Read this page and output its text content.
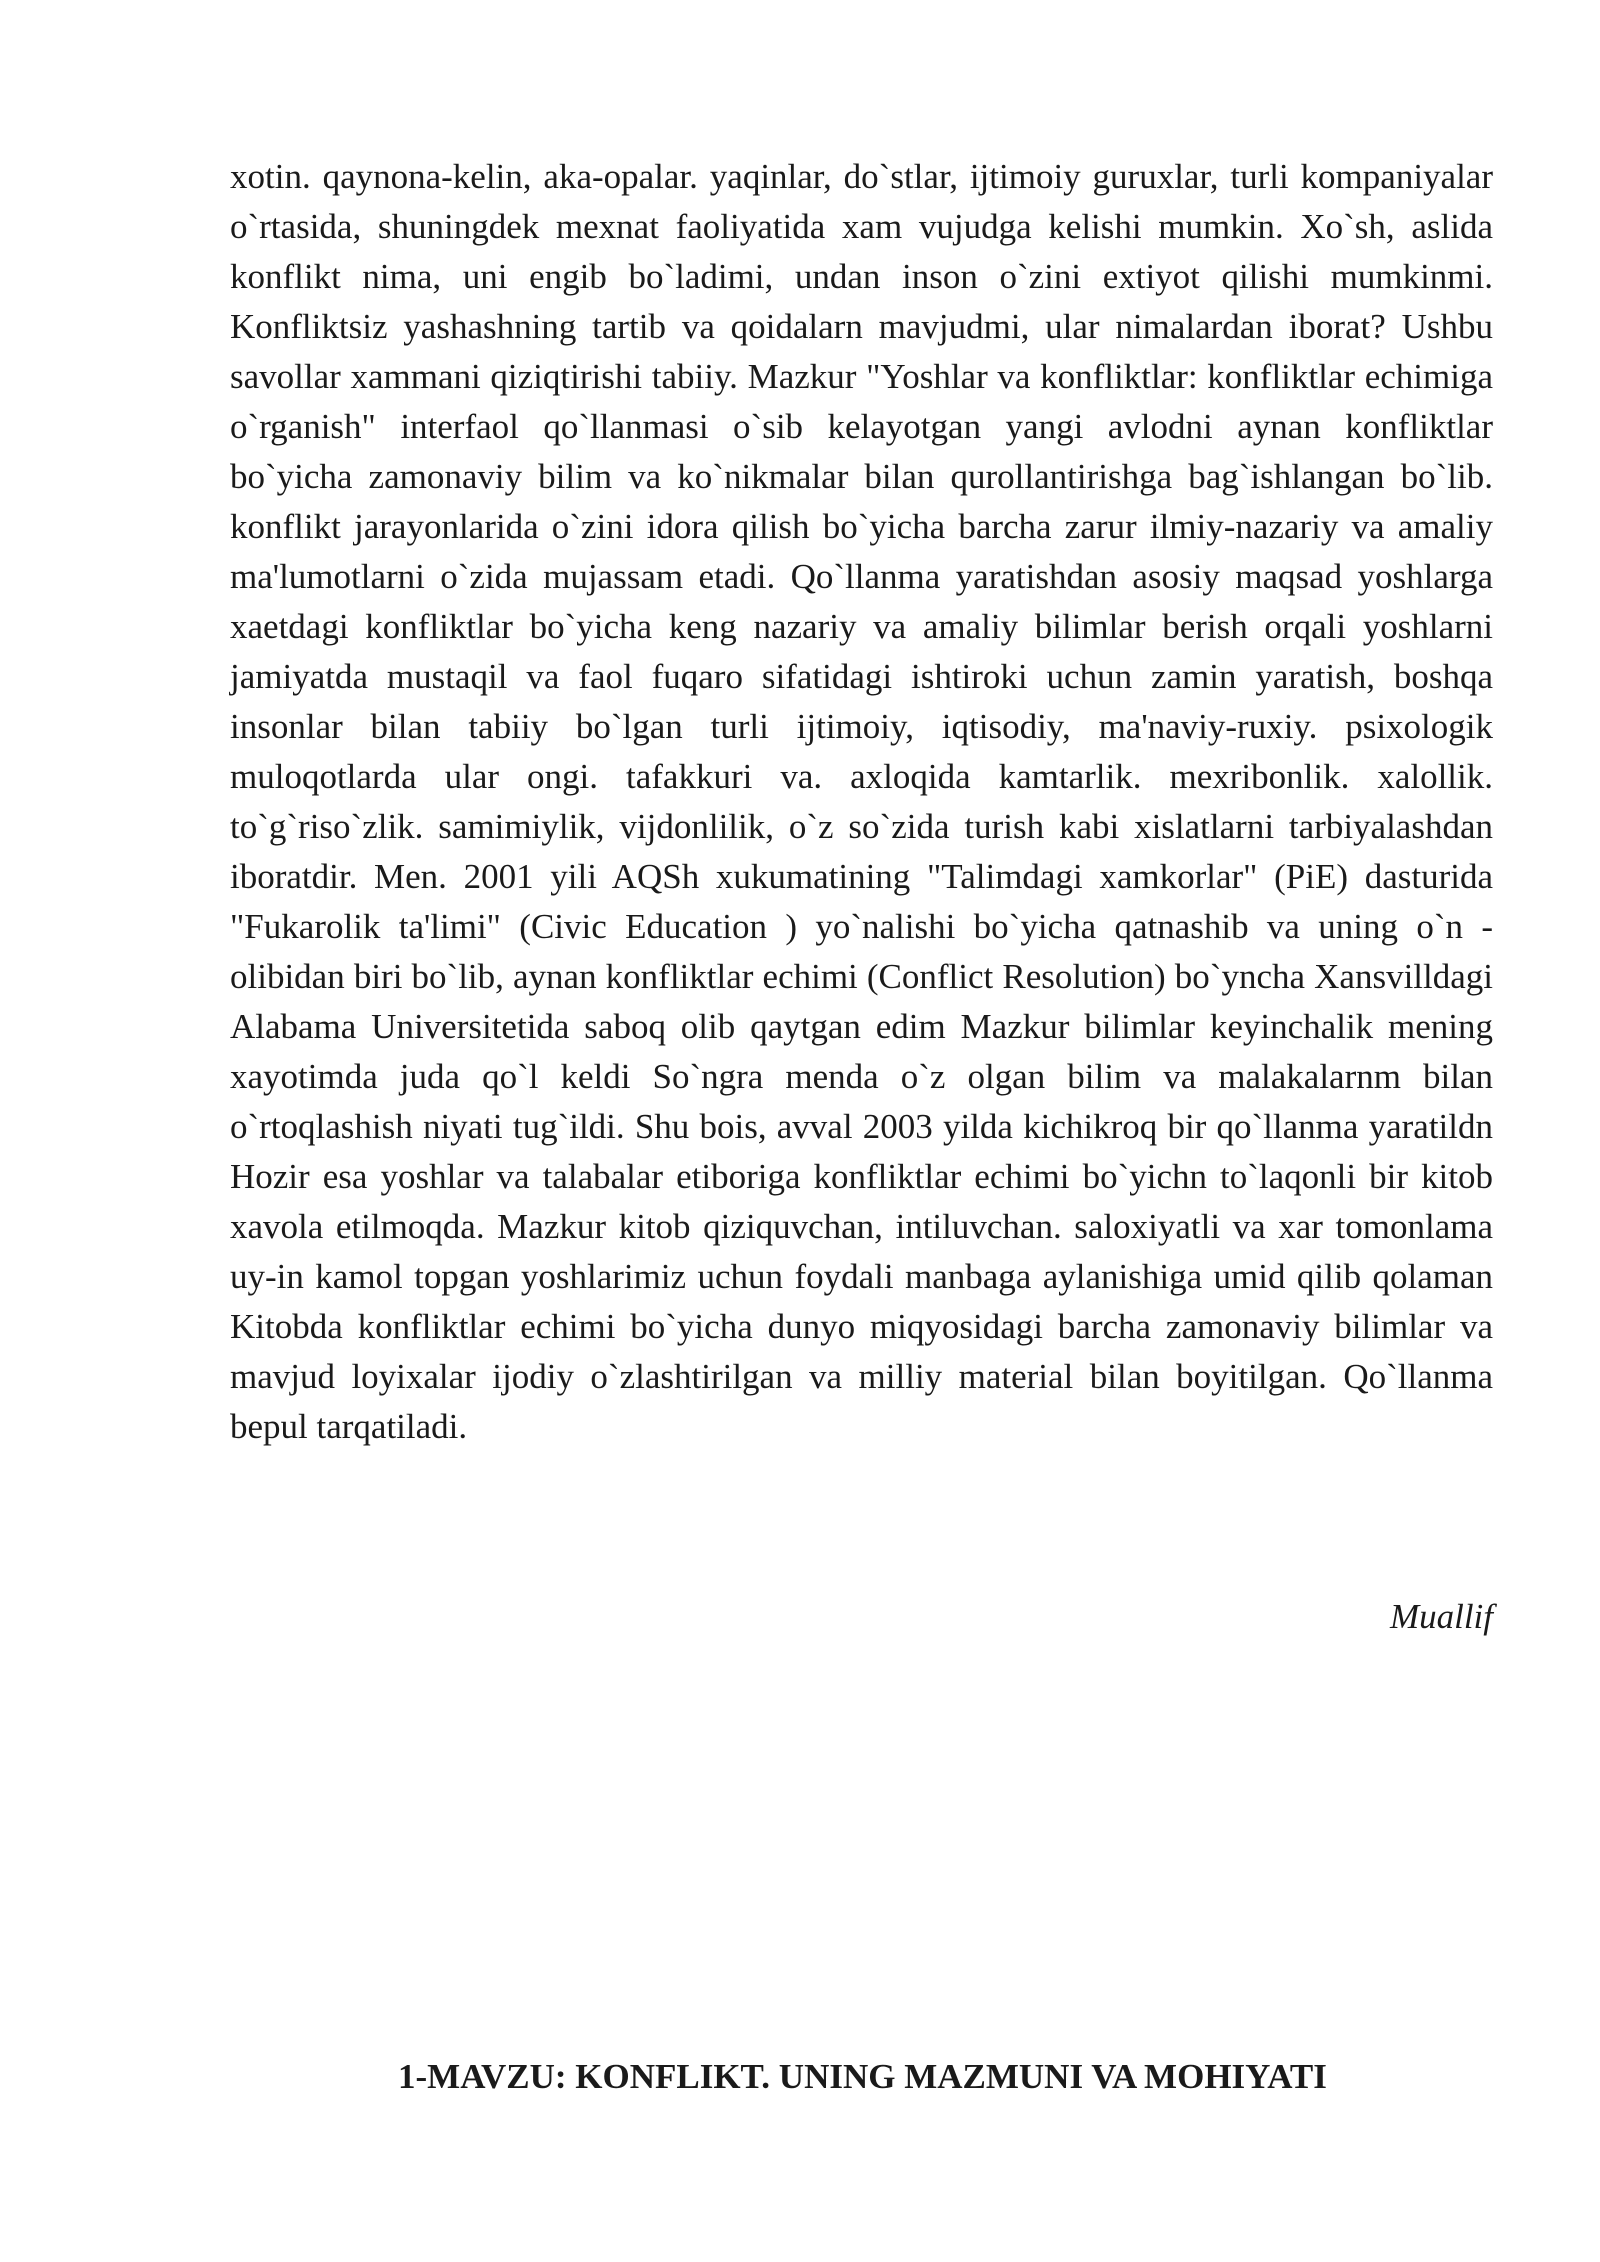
xotin. qaynona-kelin, aka-opalar. yaqinlar, do`stlar, ijtimoiy guruxlar, turli kompaniyalar o`rtasida, shuningdek mexnat faoliyatida xam vujudga kelishi mumkin. Xo`sh, aslida konflikt nima, uni engib bo`ladimi, undan inson o`zini extiyot qilishi mumkinmi. Konfliktsiz yashashning tartib va qoidalarn mavjudmi, ular nimalardan iborat? Ushbu savollar xammani qiziqtirishi tabiiy. Mazkur "Yoshlar va konfliktlar: konfliktlar echimiga o`rganish" interfaol qo`llanmasi o`sib kelayotgan yangi avlodni aynan konfliktlar bo`yicha zamonaviy bilim va ko`nikmalar bilan qurollantirishga bag`ishlangan bo`lib. konflikt jarayonlarida o`zini idora qilish bo`yicha barcha zarur ilmiy-nazariy va amaliy ma'lumotlarni o`zida mujassam etadi. Qo`llanma yaratishdan asosiy maqsad yoshlarga xaetdagi konfliktlar bo`yicha keng nazariy va amaliy bilimlar berish orqali yoshlarni jamiyatda mustaqil va faol fuqaro sifatidagi ishtiroki uchun zamin yaratish, boshqa insonlar bilan tabiiy bo`lgan turli ijtimoiy, iqtisodiy, ma'naviy-ruxiy. psixologik muloqotlarda ular ongi. tafakkuri va. axloqida kamtarlik. mexribonlik. xalollik. to`g`riso`zlik. samimiylik, vijdonlilik, o`z so`zida turish kabi xislatlarni tarbiyalashdan iboratdir. Men. 2001 yili AQSh xukumatining "Talimdagi xamkorlar" (PiE) dasturida "Fukarolik ta'limi" (Civic Education ) yo`nalishi bo`yicha qatnashib va uning o`n -olibidan biri bo`lib, aynan konfliktlar echimi (Conflict Resolution) bo`yncha Xansvilldagi Alabama Universitetida saboq olib qaytgan edim Mazkur bilimlar keyinchalik mening xayotimda juda qo`l keldi So`ngra menda o`z olgan bilim va malakalarnm bilan o`rtoqlashish niyati tug`ildi. Shu bois, avval 2003 yilda kichikroq bir qo`llanma yaratildn Hozir esa yoshlar va talabalar etiboriga konfliktlar echimi bo`yichn to`laqonli bir kitob xavola etilmoqda. Mazkur kitob qiziquvchan, intiluvchan. saloxiyatli va xar tomonlama uy-in kamol topgan yoshlarimiz uchun foydali manbaga aylanishiga umid qilib qolaman Kitobda konfliktlar echimi bo`yicha dunyo miqyosidagi barcha zamonaviy bilimlar va mavjud loyixalar ijodiy o`zlashtirilgan va milliy material bilan boyitilgan. Qo`llanma bepul tarqatiladi.

Muallif

1-MAVZU: KONFLIKT. UNING MAZMUNI VA MOHIYATI
